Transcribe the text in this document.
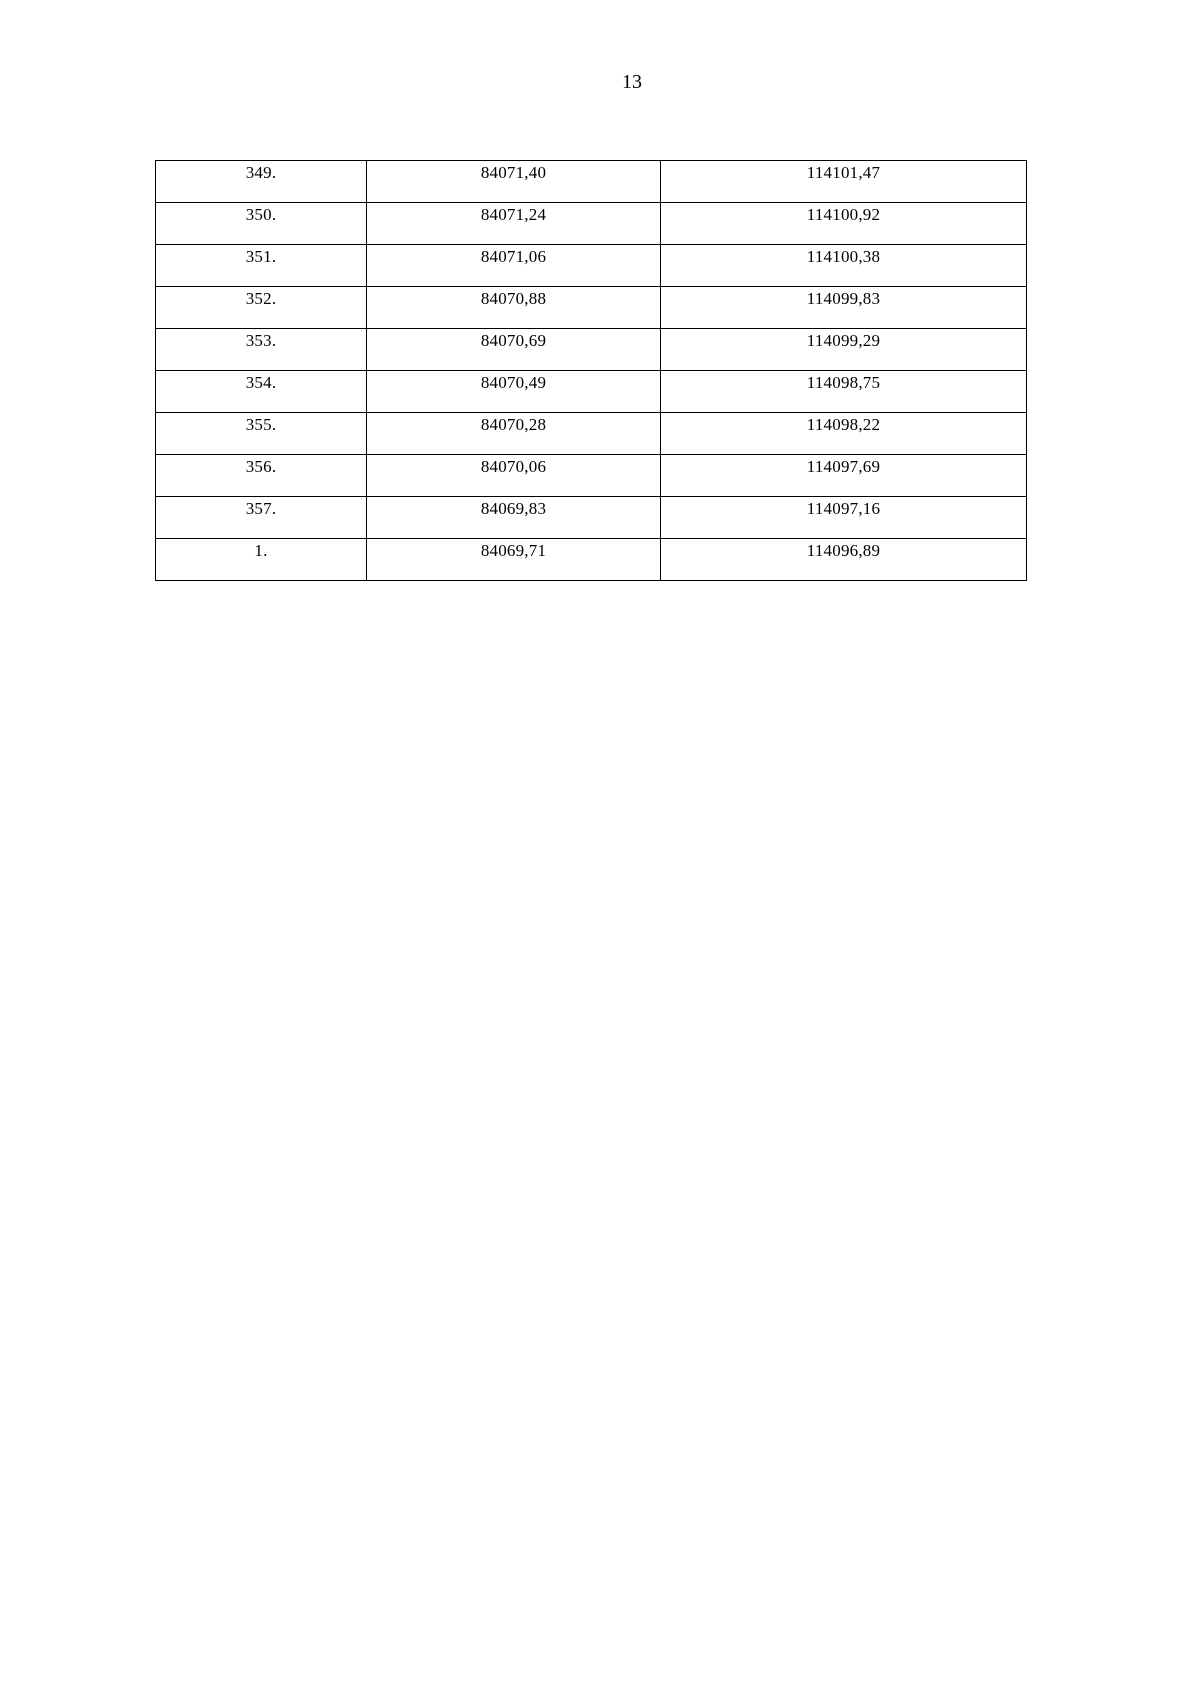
13
349.	84071,40	114101,47
350.	84071,24	114100,92
351.	84071,06	114100,38
352.	84070,88	114099,83
353.	84070,69	114099,29
354.	84070,49	114098,75
355.	84070,28	114098,22
356.	84070,06	114097,69
357.	84069,83	114097,16
1.	84069,71	114096,89
